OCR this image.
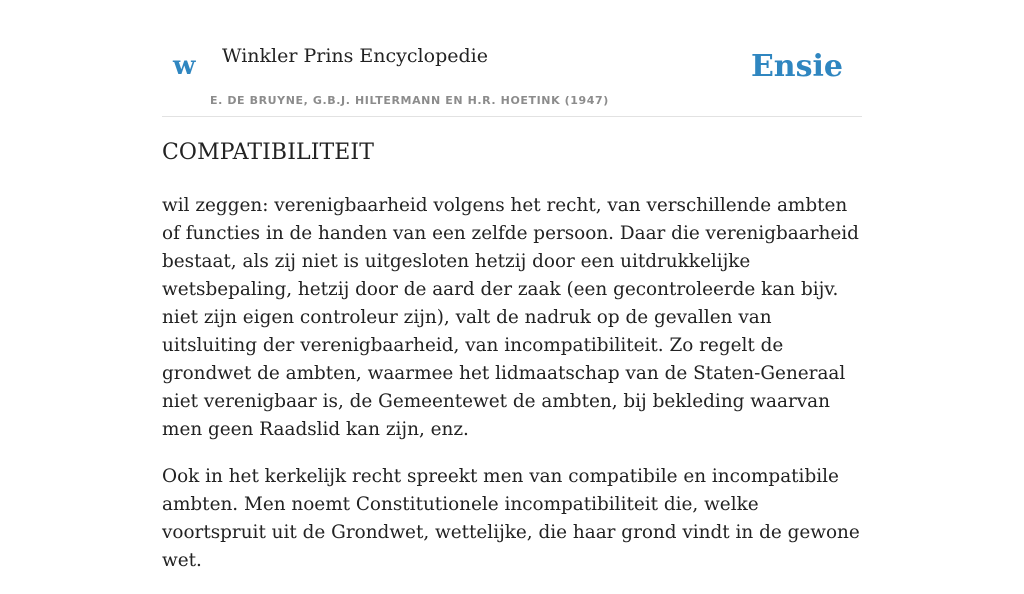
w Winkler Prins Encyclopedie
E. DE BRUYNE, G.B.J. HILTERMANN EN H.R. HOETINK (1947)
Ensie
COMPATIBILITEIT

wil zeggen: verenigbaarheid volgens het recht, van verschillende ambten of functies in de handen van een zelfde persoon. Daar die verenigbaarheid bestaat, als zij niet is uitgesloten hetzij door een uitdrukkelijke wetsbepaling, hetzij door de aard der zaak (een gecontroleerde kan bijv. niet zijn eigen controleur zijn), valt de nadruk op de gevallen van uitsluiting der verenigbaarheid, van incompatibiliteit. Zo regelt de grondwet de ambten, waarmee het lidmaatschap van de Staten-Generaal niet verenigbaar is, de Gemeentewet de ambten, bij bekleding waarvan men geen Raadslid kan zijn, enz.

Ook in het kerkelijk recht spreekt men van compatibile en incompatibile ambten. Men noemt Constitutionele incompatibiliteit die, welke voortspruit uit de Grondwet, wettelijke, die haar grond vindt in de gewone wet.
